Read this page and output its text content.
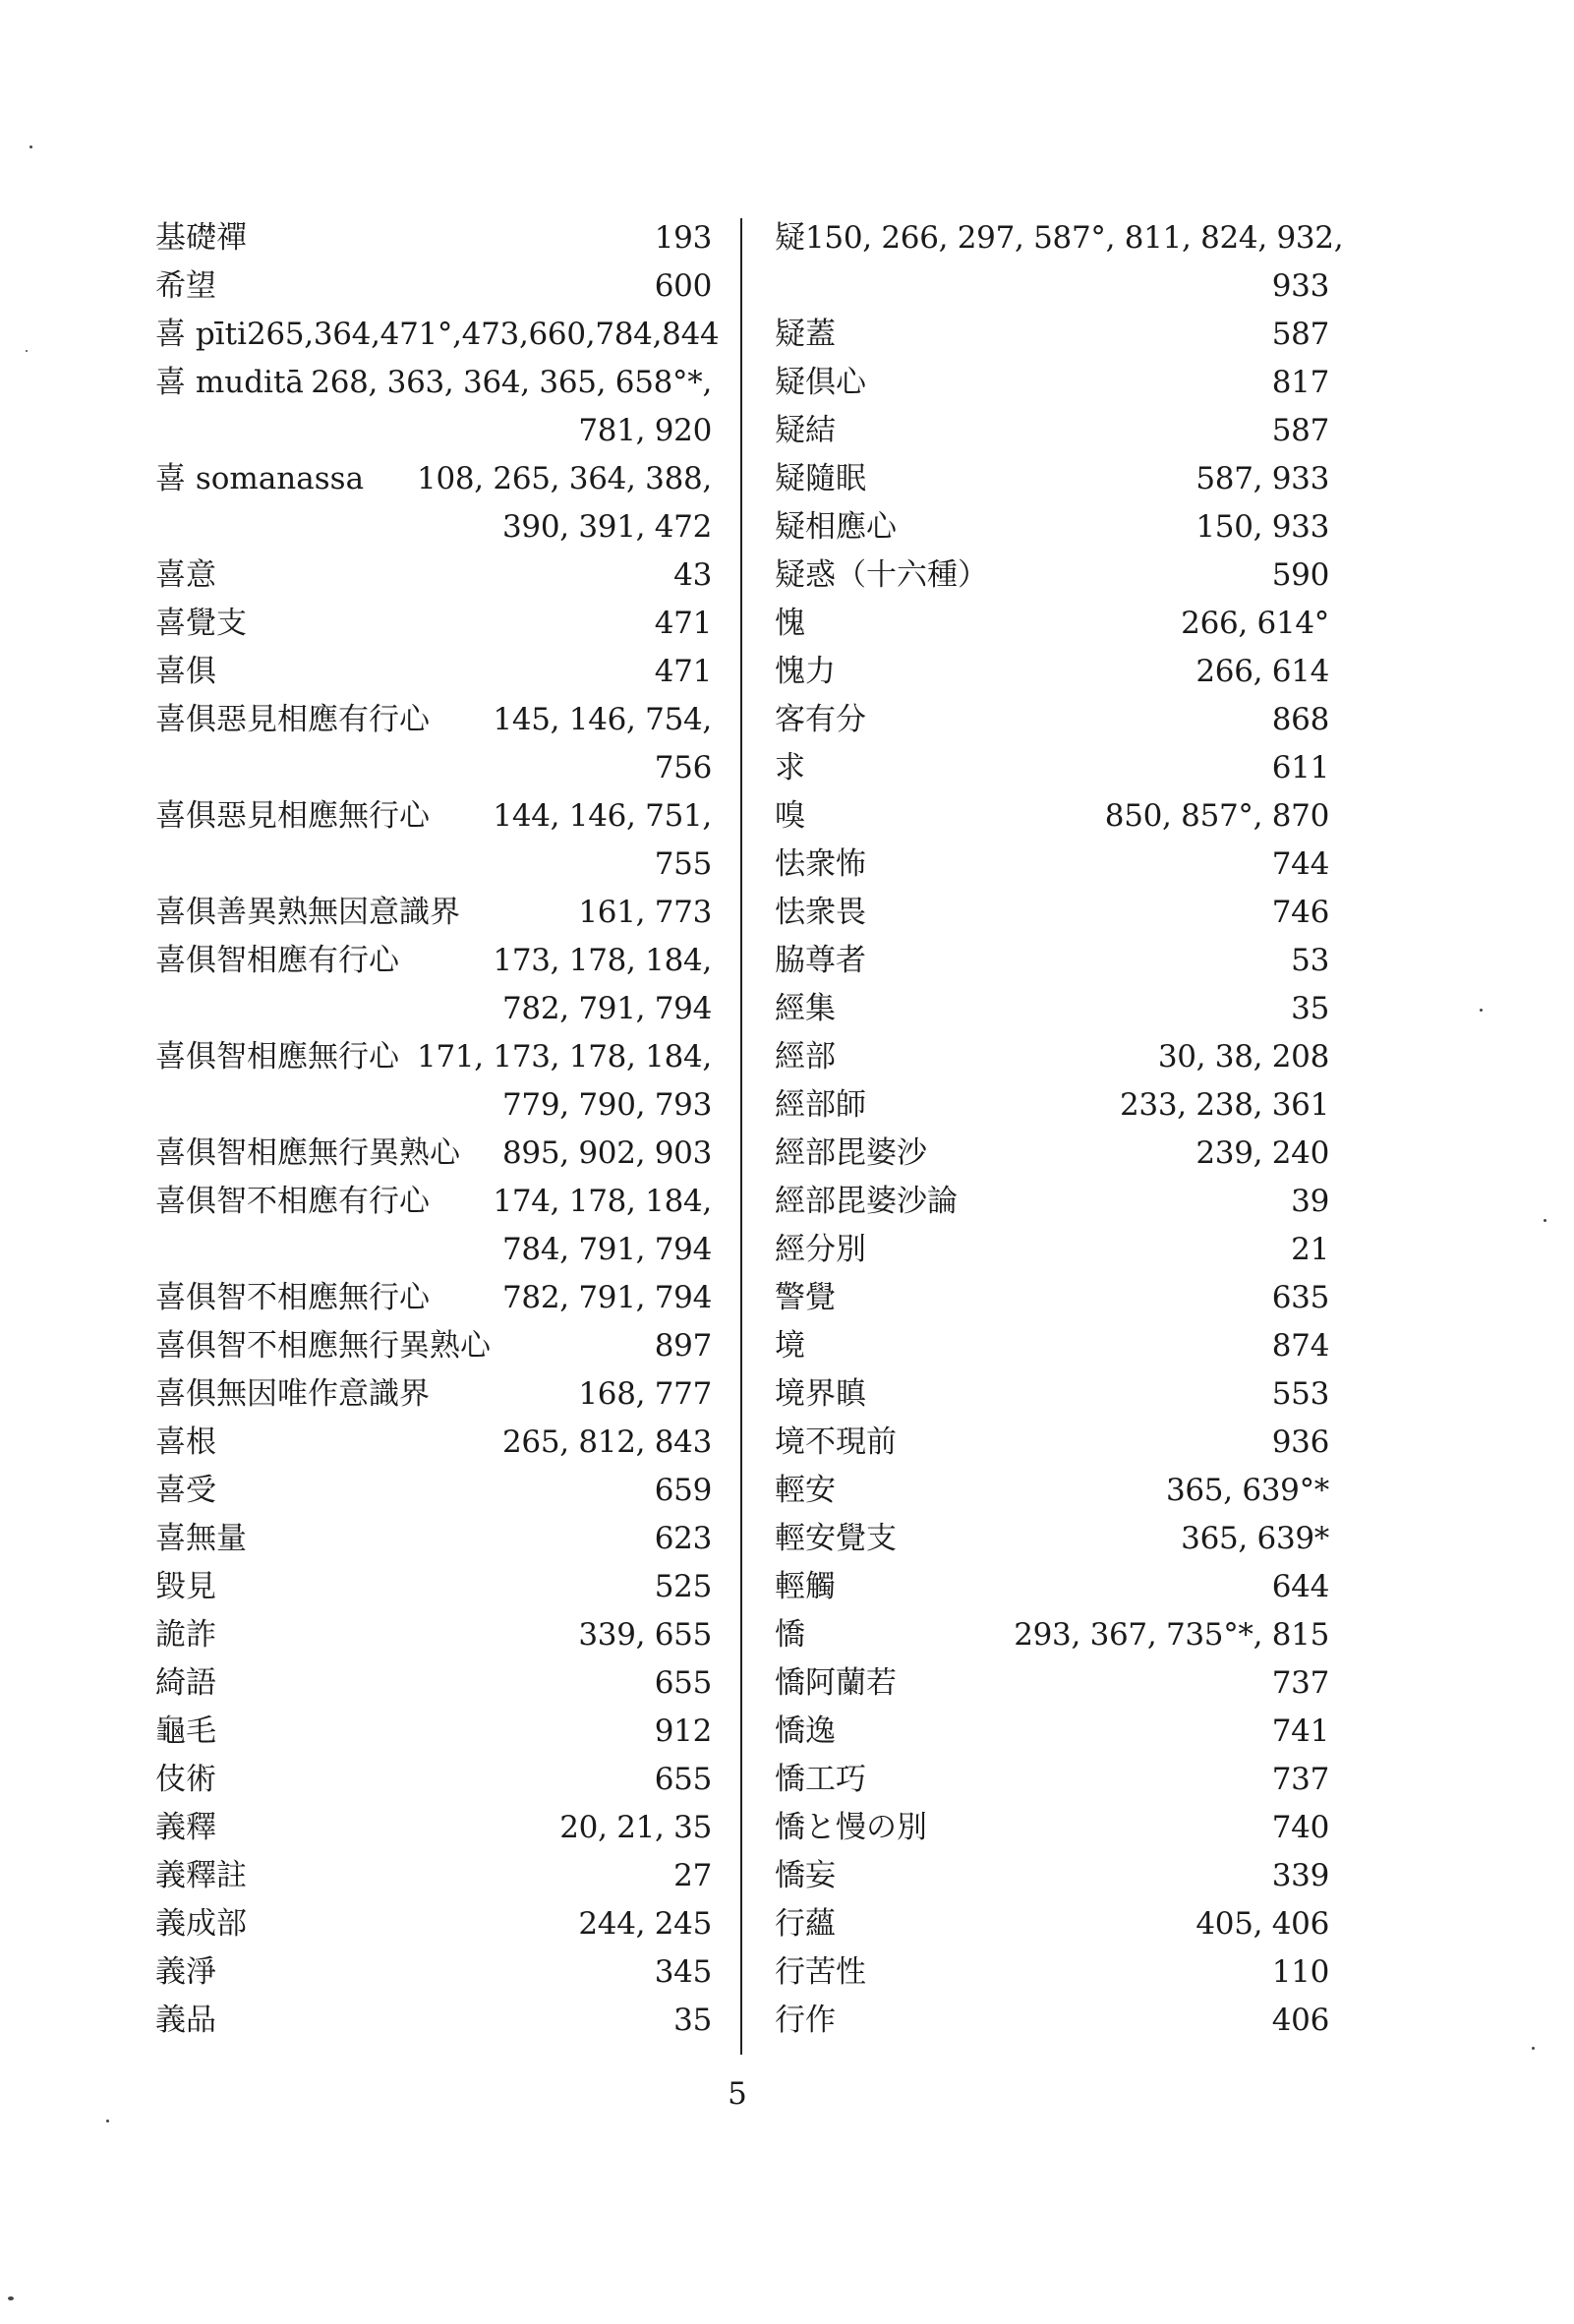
基礎禪	193
希望	600
喜 pīti 265,364,471°,473,660,784,844
喜 muditā 268, 363, 364, 365, 658°*,
781, 920
喜 somanassa 108, 265, 364, 388,
390, 391, 472
喜意	43
喜覺支	471
喜俱	471
喜俱惡見相應有行心 145, 146, 754,
756
喜俱惡見相應無行心 144, 146, 751,
755
喜俱善異熟無因意識界	161, 773
喜俱智相應有行心	173, 178, 184,
782, 791, 794
喜俱智相應無行心 171, 173, 178, 184,
779, 790, 793
喜俱智相應無行異熟心 895, 902, 903
喜俱智不相應有行心 174, 178, 184,
784, 791, 794
喜俱智不相應無行心 782, 791, 794
喜俱智不相應無行異熟心	897
喜俱無因唯作意識界	168, 777
喜根	265, 812, 843
喜受	659
喜無量	623
毀見	525
詭詐	339, 655
綺語	655
龜毛	912
伎術	655
義釋	20, 21, 35
義釋註	27
義成部	244, 245
義淨	345
義品	35
疑 150, 266, 297, 587°, 811, 824, 932,
933
疑蓋	587
疑倶心	817
疑結	587
疑隨眠	587, 933
疑相應心	150, 933
疑惑（十六種）	590
愧	266, 614°
愧力	266, 614
客有分	868
求	611
嗅	850, 857°, 870
怯衆怖	744
怯衆畏	746
脇尊者	53
經集	35
經部	30, 38, 208
經部師	233, 238, 361
經部毘婆沙	239, 240
經部毘婆沙論	39
經分別	21
警覺	635
境	874
境界瞋	553
境不現前	936
輕安	365, 639°*
輕安覺支	365, 639*
輕觸	644
憍	293, 367, 735°*, 815
憍阿蘭若	737
憍逸	741
憍工巧	737
憍と慢の別	740
憍妄	339
行蘊	405, 406
行苦性	110
行作	406
5
